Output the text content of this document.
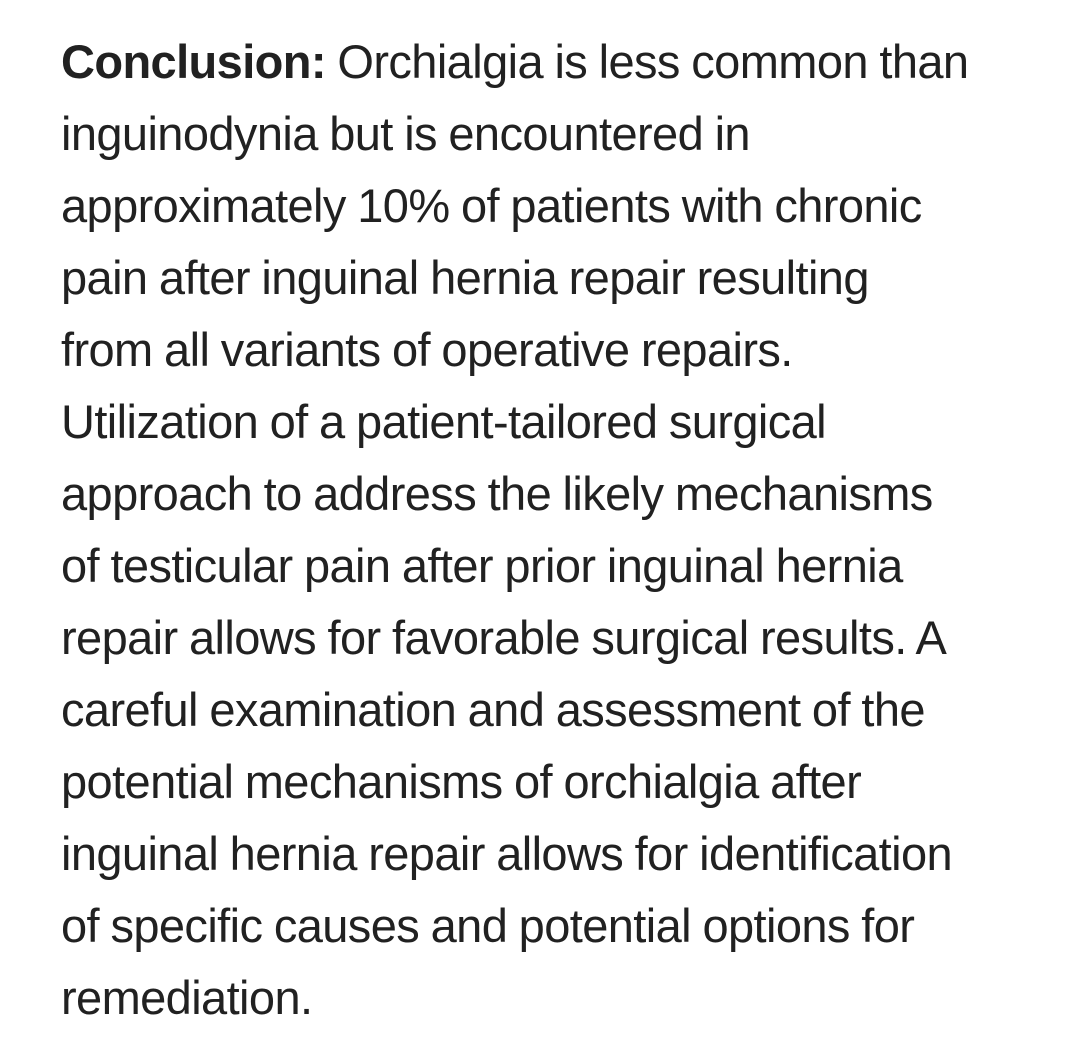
Conclusion: Orchialgia is less common than
inguinodynia but is encountered in
approximately 10% of patients with chronic
pain after inguinal hernia repair resulting
from all variants of operative repairs.
Utilization of a patient-tailored surgical
approach to address the likely mechanisms
of testicular pain after prior inguinal hernia
repair allows for favorable surgical results. A
careful examination and assessment of the
potential mechanisms of orchialgia after
inguinal hernia repair allows for identification
of specific causes and potential options for
remediation.
